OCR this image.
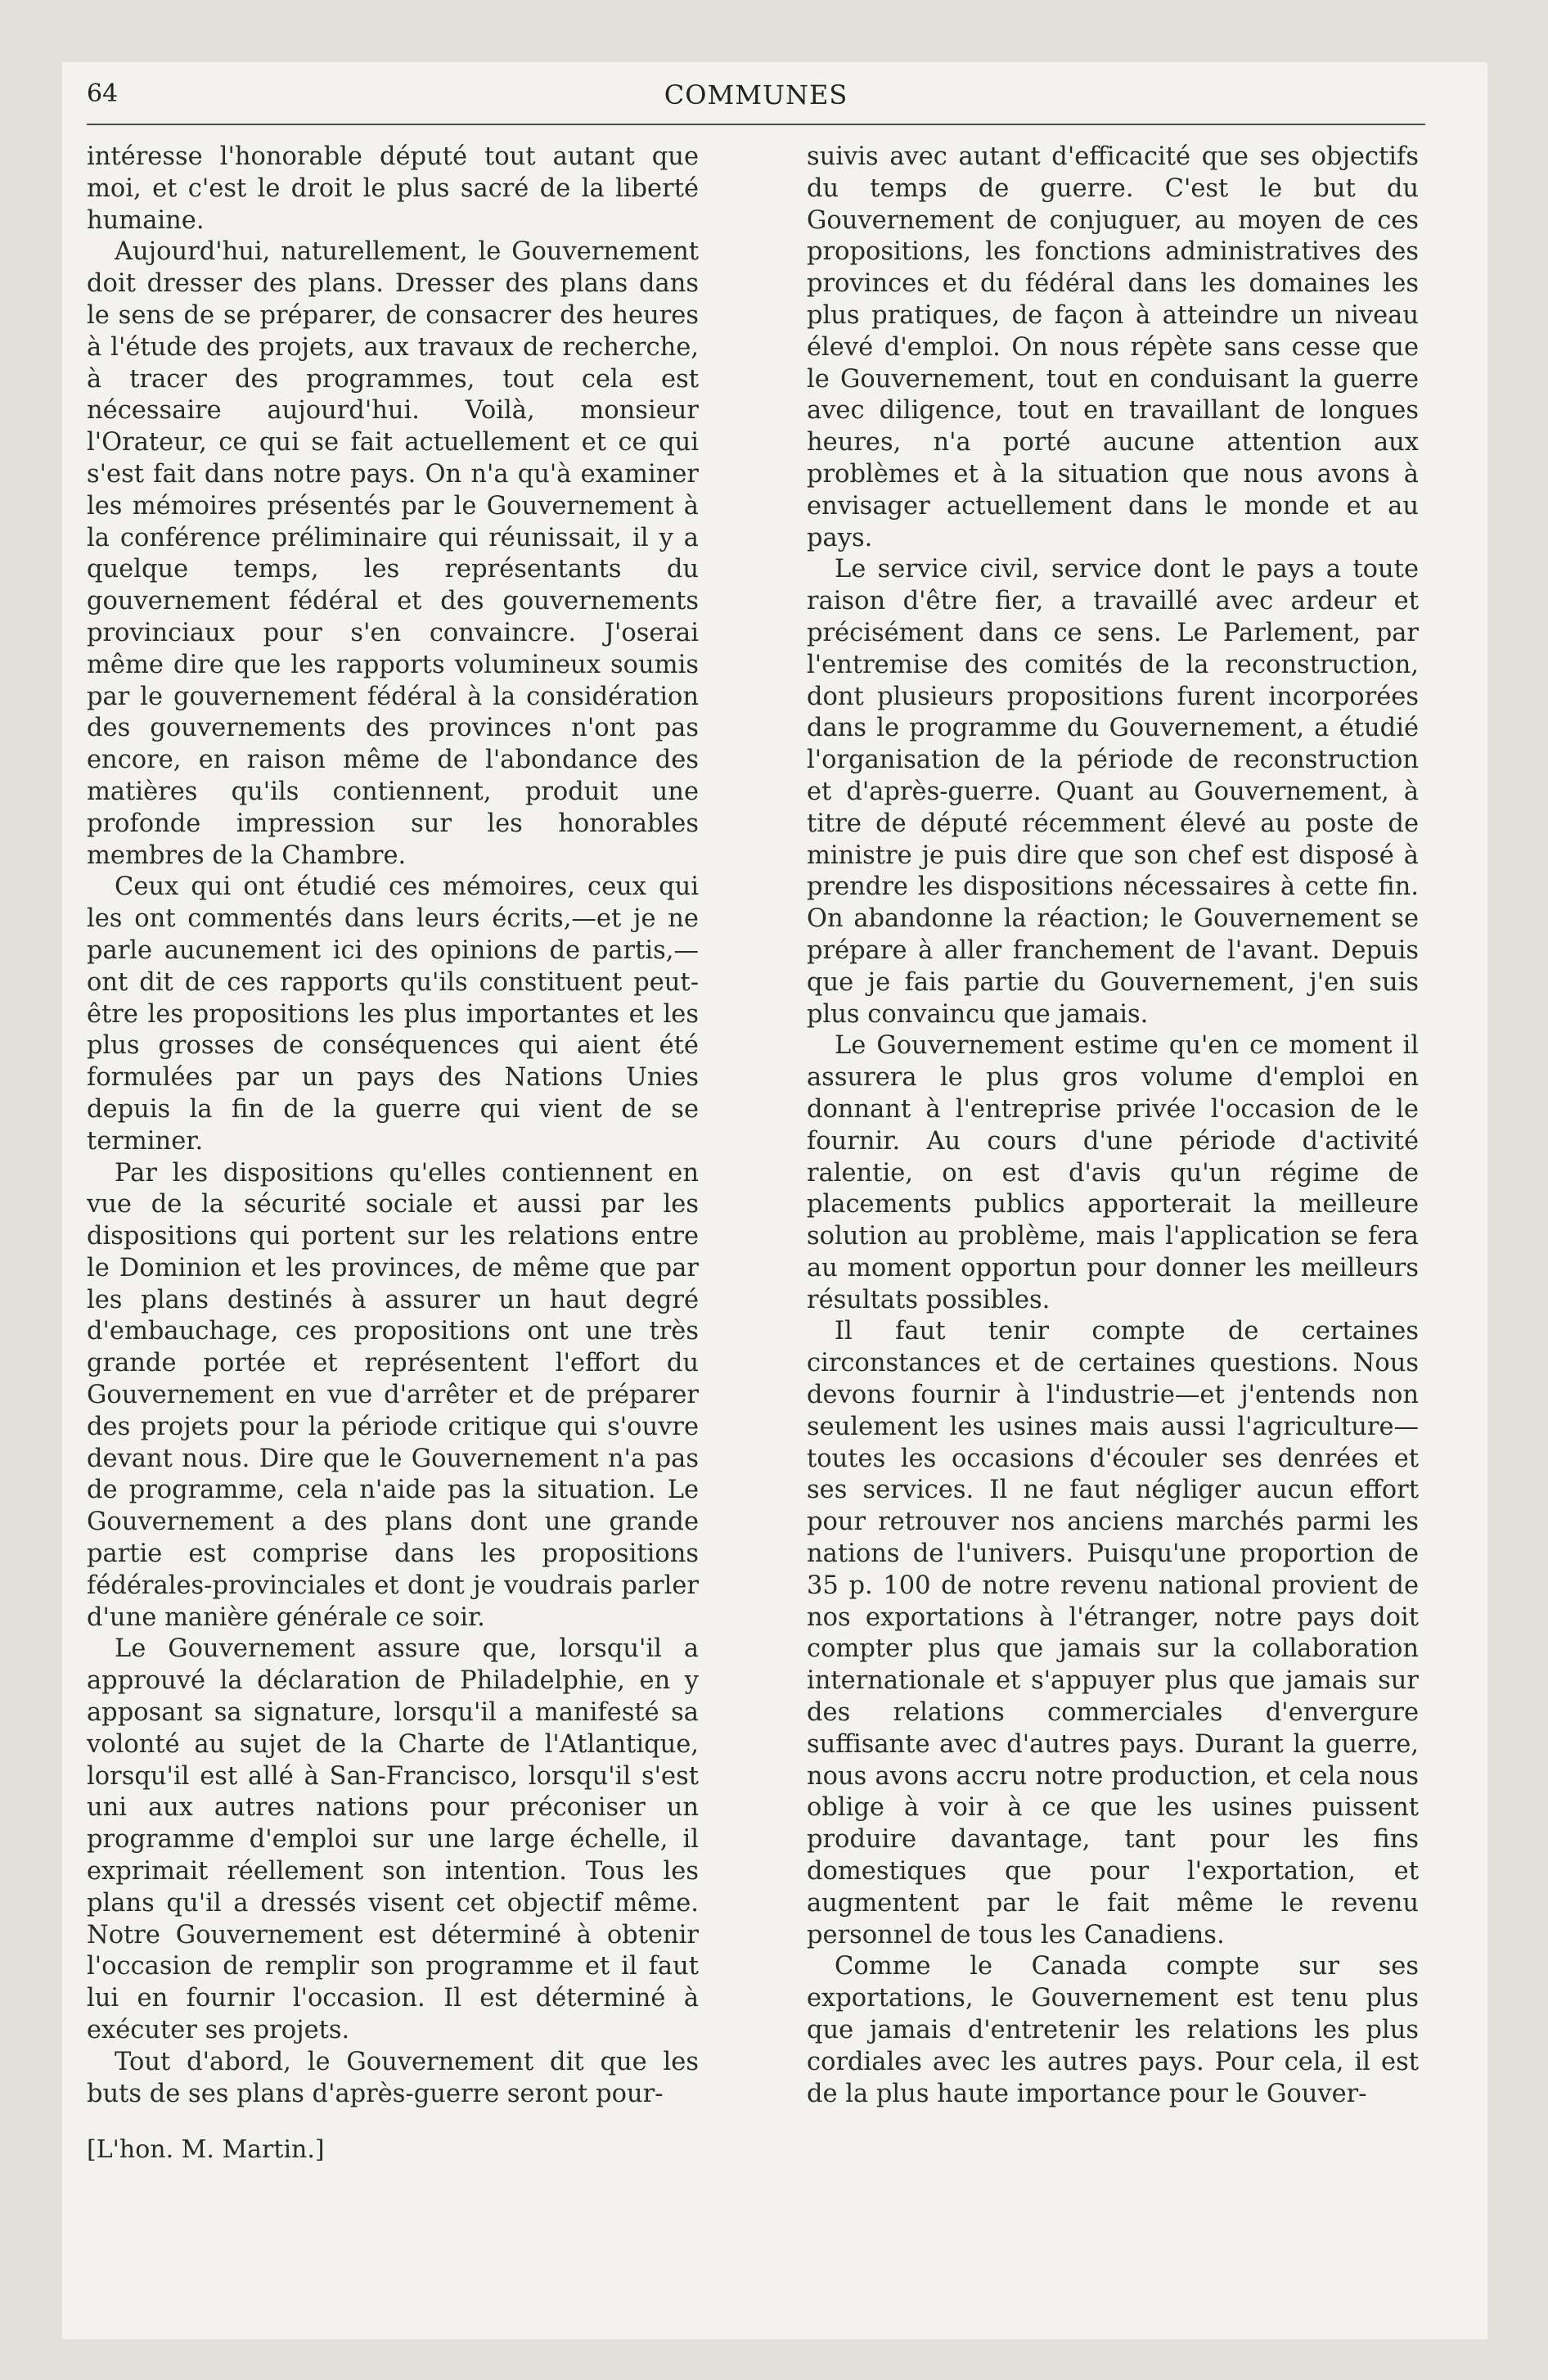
64	COMMUNES

intéresse l'honorable député tout autant que moi, et c'est le droit le plus sacré de la liberté humaine.

Aujourd'hui, naturellement, le Gouvernement doit dresser des plans. Dresser des plans dans le sens de se préparer, de consacrer des heures à l'étude des projets, aux travaux de recherche, à tracer des programmes, tout cela est nécessaire aujourd'hui. Voilà, monsieur l'Orateur, ce qui se fait actuellement et ce qui s'est fait dans notre pays. On n'a qu'à examiner les mémoires présentés par le Gouvernement à la conférence préliminaire qui réunissait, il y a quelque temps, les représentants du gouvernement fédéral et des gouvernements provinciaux pour s'en convaincre. J'oserai même dire que les rapports volumineux soumis par le gouvernement fédéral à la considération des gouvernements des provinces n'ont pas encore, en raison même de l'abondance des matières qu'ils contiennent, produit une profonde impression sur les honorables membres de la Chambre.

Ceux qui ont étudié ces mémoires, ceux qui les ont commentés dans leurs écrits,—et je ne parle aucunement ici des opinions de partis,—ont dit de ces rapports qu'ils constituent peut-être les propositions les plus importantes et les plus grosses de conséquences qui aient été formulées par un pays des Nations Unies depuis la fin de la guerre qui vient de se terminer.

Par les dispositions qu'elles contiennent en vue de la sécurité sociale et aussi par les dispositions qui portent sur les relations entre le Dominion et les provinces, de même que par les plans destinés à assurer un haut degré d'embauchage, ces propositions ont une très grande portée et représentent l'effort du Gouvernement en vue d'arrêter et de préparer des projets pour la période critique qui s'ouvre devant nous. Dire que le Gouvernement n'a pas de programme, cela n'aide pas la situation. Le Gouvernement a des plans dont une grande partie est comprise dans les propositions fédérales-provinciales et dont je voudrais parler d'une manière générale ce soir.

Le Gouvernement assure que, lorsqu'il a approuvé la déclaration de Philadelphie, en y apposant sa signature, lorsqu'il a manifesté sa volonté au sujet de la Charte de l'Atlantique, lorsqu'il est allé à San-Francisco, lorsqu'il s'est uni aux autres nations pour préconiser un programme d'emploi sur une large échelle, il exprimait réellement son intention. Tous les plans qu'il a dressés visent cet objectif même. Notre Gouvernement est déterminé à obtenir l'occasion de remplir son programme et il faut lui en fournir l'occasion. Il est déterminé à exécuter ses projets.

Tout d'abord, le Gouvernement dit que les buts de ses plans d'après-guerre seront pour-

[L'hon. M. Martin.]

suivis avec autant d'efficacité que ses objectifs du temps de guerre. C'est le but du Gouvernement de conjuguer, au moyen de ces propositions, les fonctions administratives des provinces et du fédéral dans les domaines les plus pratiques, de façon à atteindre un niveau élevé d'emploi. On nous répète sans cesse que le Gouvernement, tout en conduisant la guerre avec diligence, tout en travaillant de longues heures, n'a porté aucune attention aux problèmes et à la situation que nous avons à envisager actuellement dans le monde et au pays.

Le service civil, service dont le pays a toute raison d'être fier, a travaillé avec ardeur et précisément dans ce sens. Le Parlement, par l'entremise des comités de la reconstruction, dont plusieurs propositions furent incorporées dans le programme du Gouvernement, a étudié l'organisation de la période de reconstruction et d'après-guerre. Quant au Gouvernement, à titre de député récemment élevé au poste de ministre je puis dire que son chef est disposé à prendre les dispositions nécessaires à cette fin. On abandonne la réaction; le Gouvernement se prépare à aller franchement de l'avant. Depuis que je fais partie du Gouvernement, j'en suis plus convaincu que jamais.

Le Gouvernement estime qu'en ce moment il assurera le plus gros volume d'emploi en donnant à l'entreprise privée l'occasion de le fournir. Au cours d'une période d'activité ralentie, on est d'avis qu'un régime de placements publics apporterait la meilleure solution au problème, mais l'application se fera au moment opportun pour donner les meilleurs résultats possibles.

Il faut tenir compte de certaines circonstances et de certaines questions. Nous devons fournir à l'industrie—et j'entends non seulement les usines mais aussi l'agriculture—toutes les occasions d'écouler ses denrées et ses services. Il ne faut négliger aucun effort pour retrouver nos anciens marchés parmi les nations de l'univers. Puisqu'une proportion de 35 p. 100 de notre revenu national provient de nos exportations à l'étranger, notre pays doit compter plus que jamais sur la collaboration internationale et s'appuyer plus que jamais sur des relations commerciales d'envergure suffisante avec d'autres pays. Durant la guerre, nous avons accru notre production, et cela nous oblige à voir à ce que les usines puissent produire davantage, tant pour les fins domestiques que pour l'exportation, et augmentent par le fait même le revenu personnel de tous les Canadiens.

Comme le Canada compte sur ses exportations, le Gouvernement est tenu plus que jamais d'entretenir les relations les plus cordiales avec les autres pays. Pour cela, il est de la plus haute importance pour le Gouver-
